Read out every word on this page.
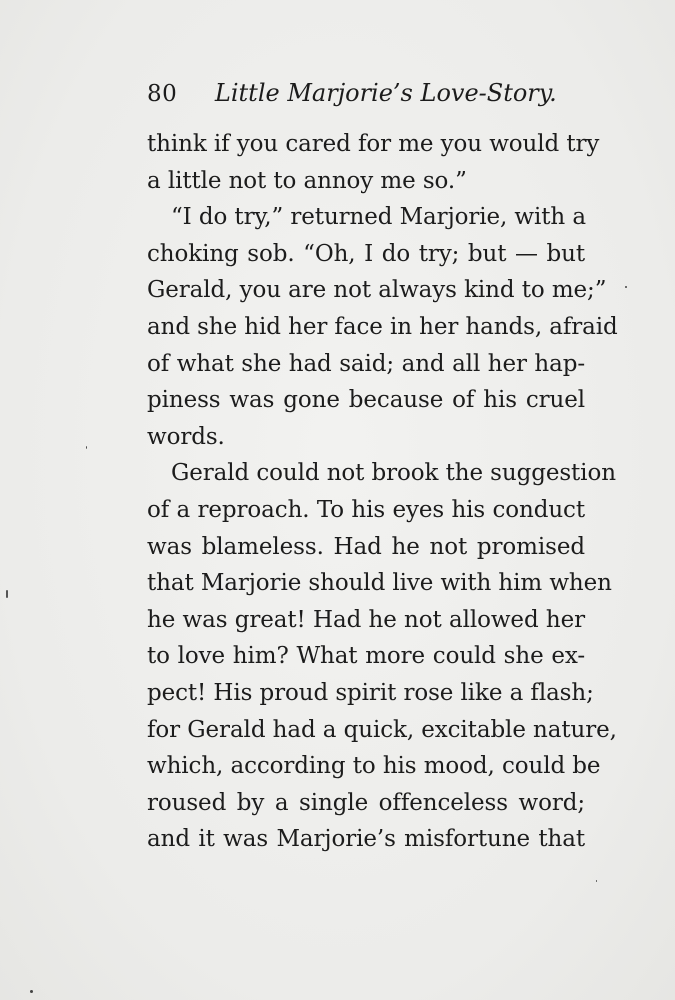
80 Little Marjorie’s Love-Story.
think if you cared for me you would try
a little not to annoy me so.”
“I do try,” returned Marjorie, with a
choking sob. “Oh, I do try; but — but
Gerald, you are not always kind to me;”
and she hid her face in her hands, afraid
of what she had said; and all her hap-
piness was gone because of his cruel
words.
Gerald could not brook the suggestion
of a reproach. To his eyes his conduct
was blameless. Had he not promised
that Marjorie should live with him when
he was great! Had he not allowed her
to love him? What more could she ex-
pect! His proud spirit rose like a flash;
for Gerald had a quick, excitable nature,
which, according to his mood, could be
roused by a single offenceless word;
and it was Marjorie’s misfortune that
